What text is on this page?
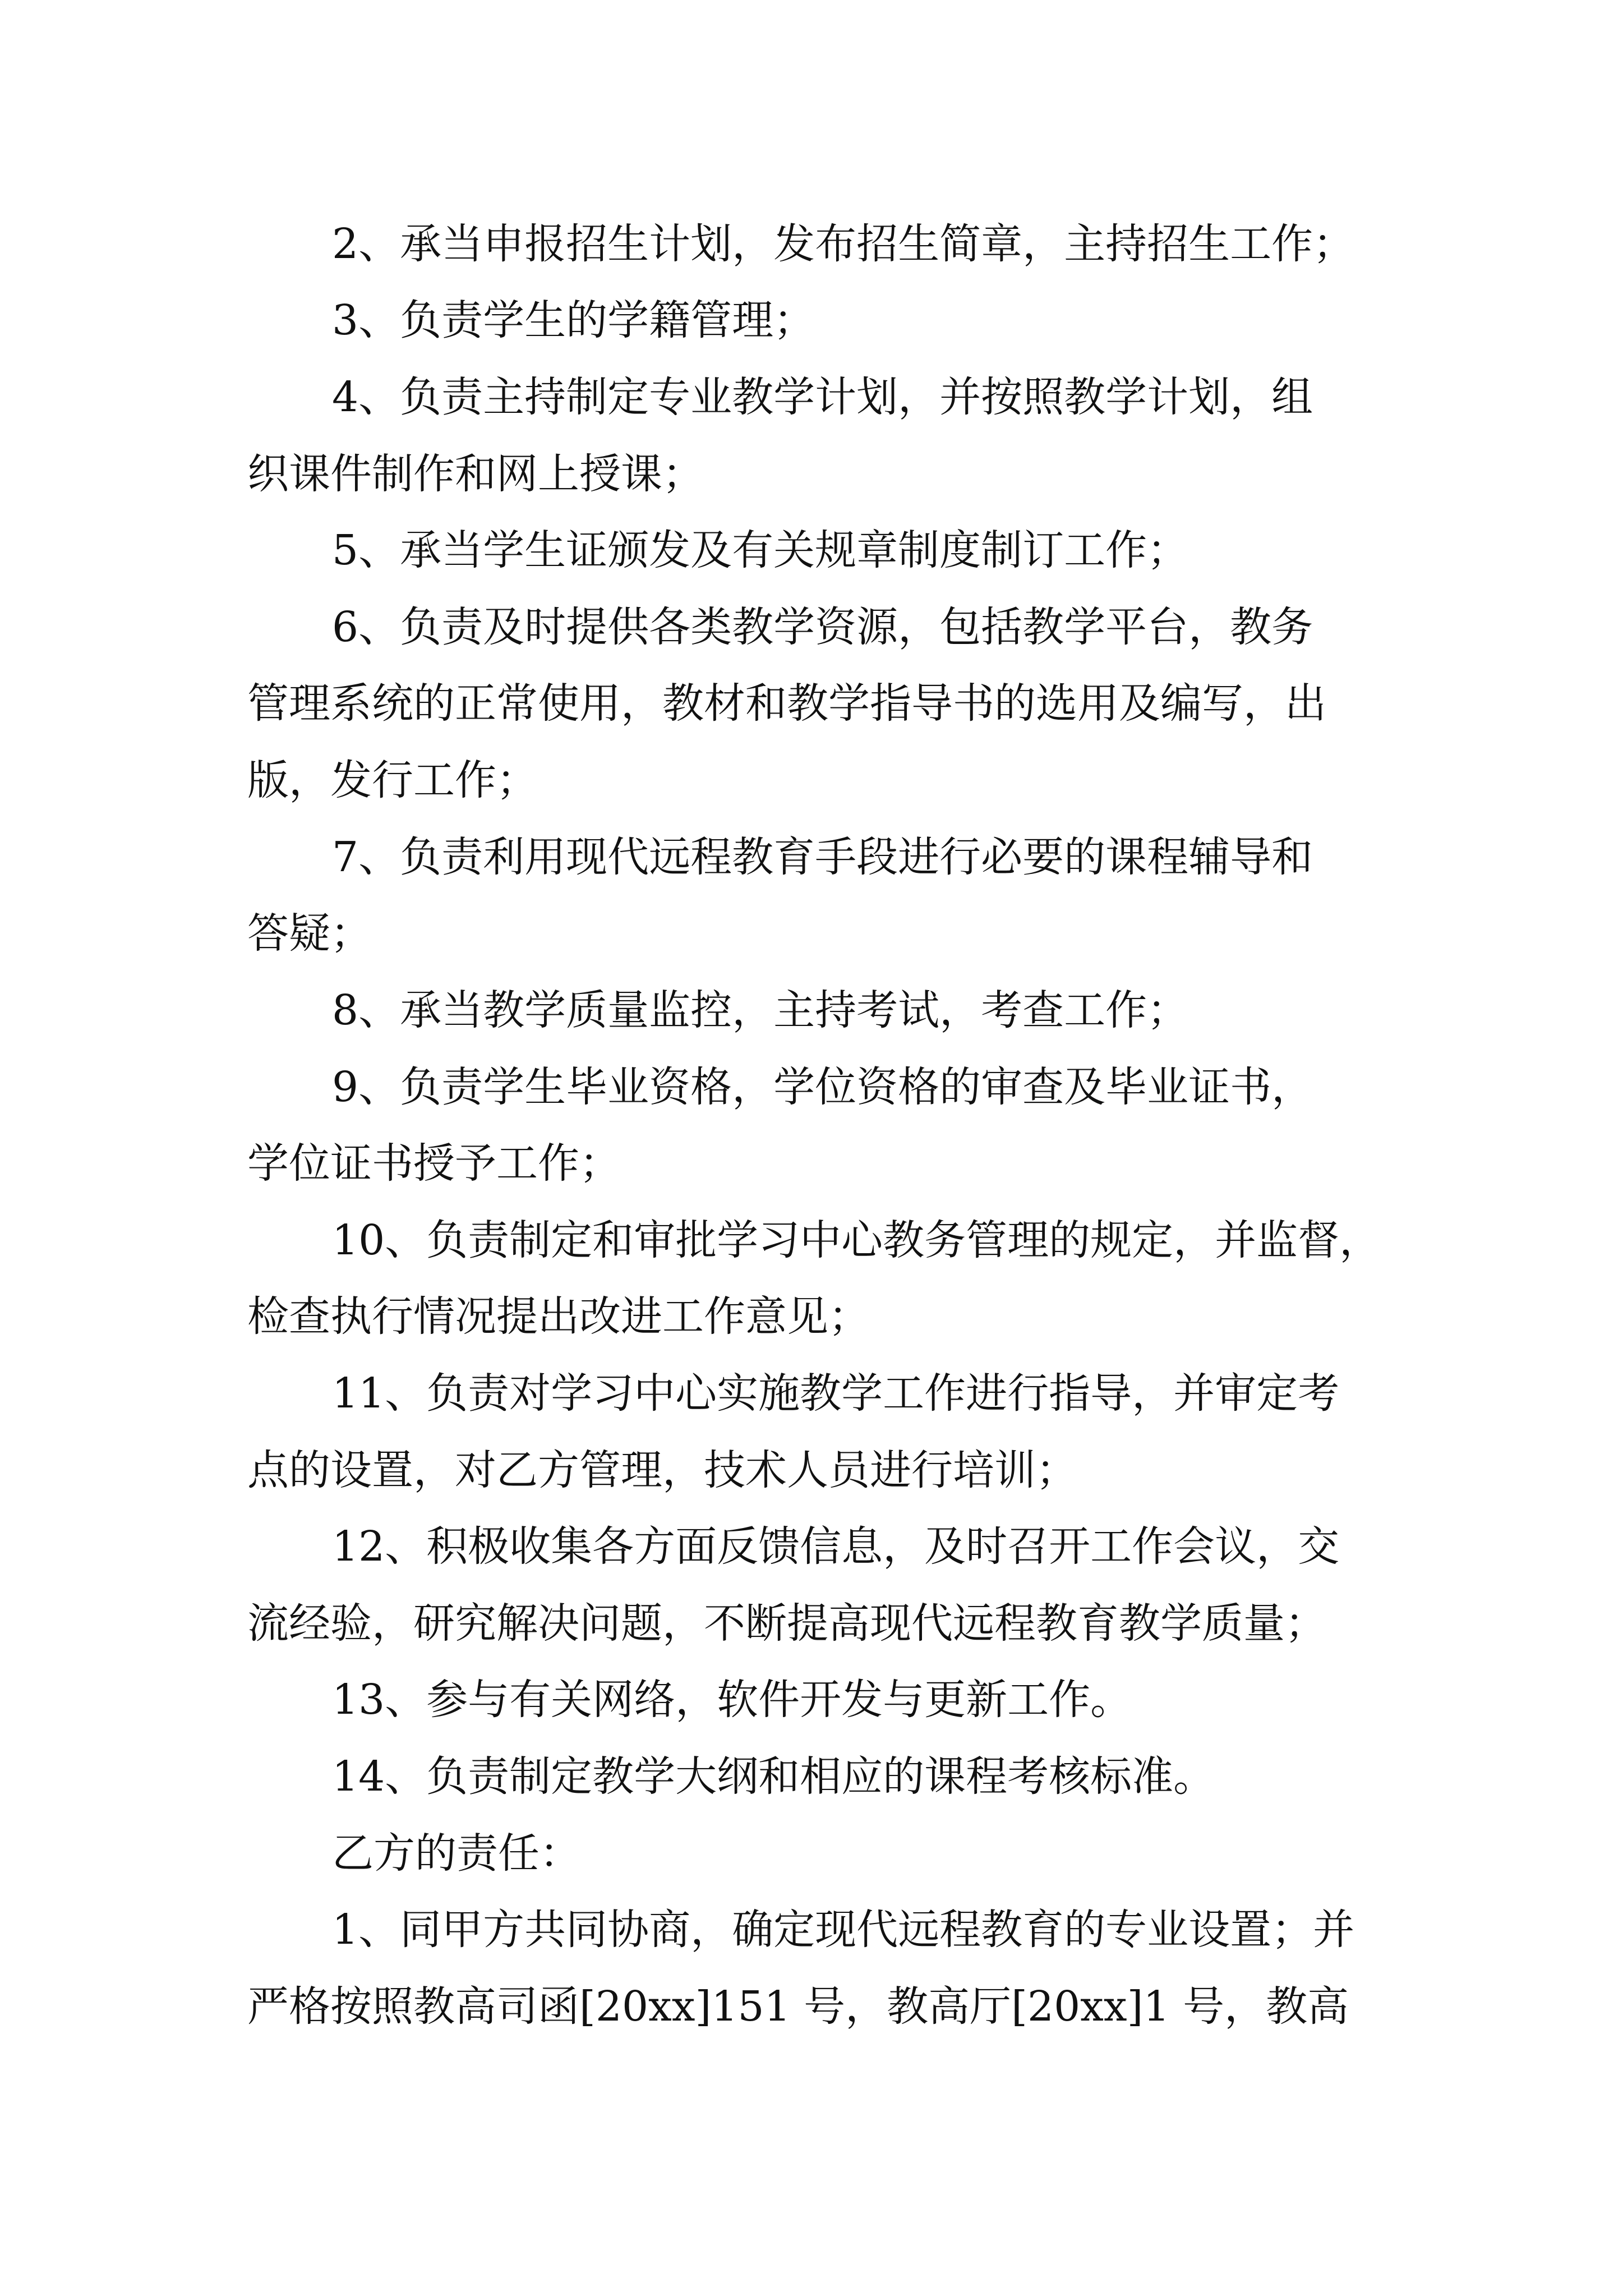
2、承当申报招生计划，发布招生简章，主持招生工作；
3、负责学生的学籍管理；
4、负责主持制定专业教学计划，并按照教学计划，组
织课件制作和网上授课；
5、承当学生证颁发及有关规章制度制订工作；
6、负责及时提供各类教学资源，包括教学平台，教务
管理系统的正常使用，教材和教学指导书的选用及编写，出
版，发行工作；
7、负责利用现代远程教育手段进行必要的课程辅导和
答疑；
8、承当教学质量监控，主持考试，考查工作；
9、负责学生毕业资格，学位资格的审查及毕业证书，
学位证书授予工作；
10、负责制定和审批学习中心教务管理的规定，并监督，
检查执行情况提出改进工作意见；
11、负责对学习中心实施教学工作进行指导，并审定考
点的设置，对乙方管理，技术人员进行培训；
12、积极收集各方面反馈信息，及时召开工作会议，交
流经验，研究解决问题，不断提高现代远程教育教学质量；
13、参与有关网络，软件开发与更新工作。
14、负责制定教学大纲和相应的课程考核标准。
乙方的责任：
1、同甲方共同协商，确定现代远程教育的专业设置；并
严格按照教高司函[20xx]151 号，教高厅[20xx]1 号，教高
